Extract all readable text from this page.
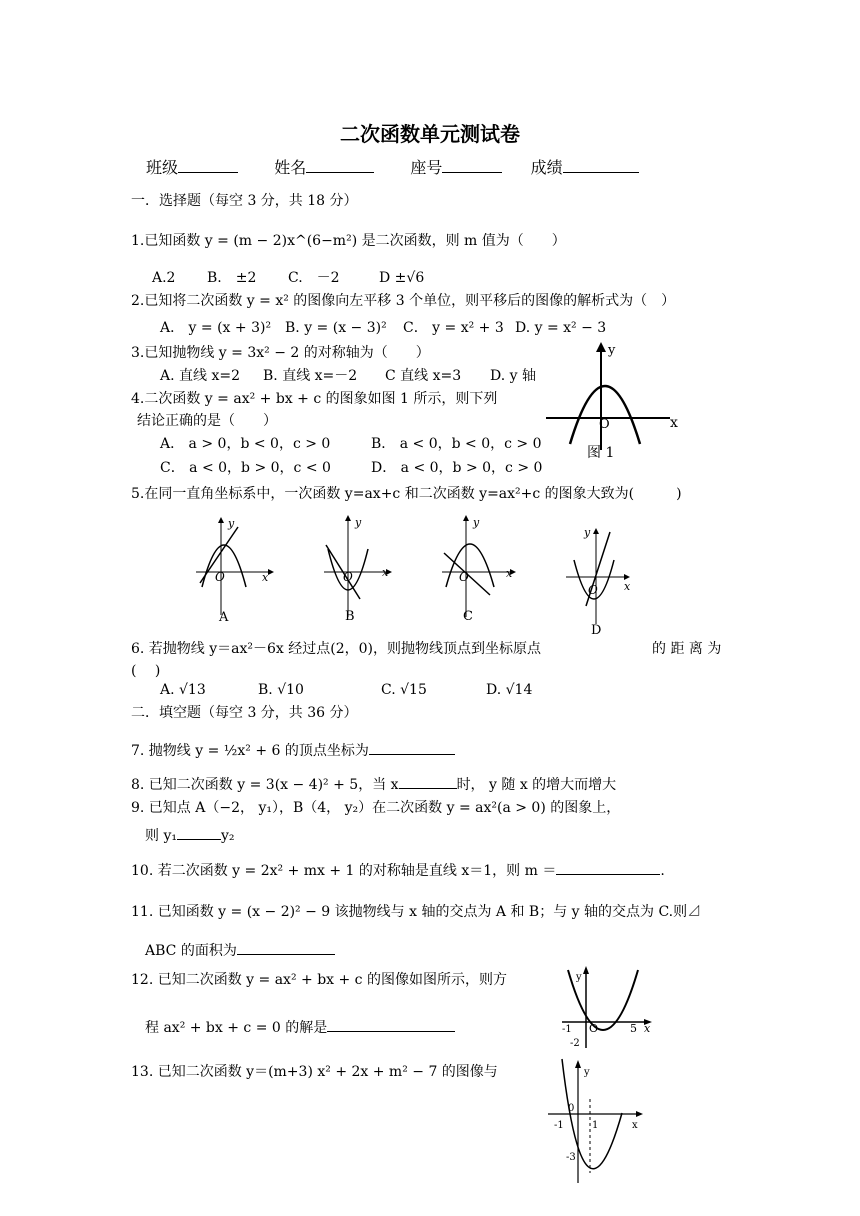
二次函数单元测试卷
班级	姓名	座号	成绩
一．选择题（每空 3 分，共 18 分）
1.已知函数 y = (m − 2)x^(6−m²) 是二次函数，则 m 值为（　　）
A.2 B.　±2 C.　－2	D ±√6
2.已知将二次函数 y = x² 的图像向左平移 3 个单位，则平移后的图像的解析式为（　）
A． y = (x + 3)² B. y = (x − 3)² C． y = x² + 3 D. y = x² − 3
3.已知抛物线 y = 3x² − 2 的对称轴为（　　）
A. 直线 x=2 B. 直线 x=－2 C 直线 x=3 D. y 轴
y
O	x
图 1
4.二次函数 y = ax² + bx + c 的图象如图 1 所示，则下列
结论正确的是（　　）
A． a > 0，b < 0，c > 0	B． a < 0，b < 0，c > 0
C． a < 0，b > 0，c < 0	D． a < 0，b > 0，c > 0
5.在同一直角坐标系中，一次函数 y=ax+c 和二次函数 y=ax²+c 的图象大致为(　　　)
y
O	x
A
y
O	x
B
y
O	x
C
y
O x
D
6. 若抛物线 y＝ax²－6x 经过点(2，0)，则抛物线顶点到坐标原点	的 距 离 为
(　 )
A. √13	B. √10	C. √15	D. √14
二．填空题（每空 3 分，共 36 分）
7. 抛物线 y = ½x² + 6 的顶点坐标为
8. 已知二次函数 y = 3(x − 4)² + 5，当 x	时， y 随 x 的增大而增大
9. 已知点 A（−2， y₁），B（4， y₂）在二次函数 y = ax²(a > 0) 的图象上，
则 y₁	y₂
10. 若二次函数 y = 2x² + mx + 1 的对称轴是直线 x＝1，则 m ＝	.
11. 已知函数 y = (x − 2)² − 9 该抛物线与 x 轴的交点为 A 和 B；与 y 轴的交点为 C.则⊿
ABC 的面积为
12. 已知二次函数 y = ax² + bx + c 的图像如图所示，则方
程 ax² + bx + c = 0 的解是
y
-1 O	5 x
-2
13. 已知二次函数 y＝(m+3) x² + 2x + m² − 7 的图像与	y
0
x
-1	1
-3
